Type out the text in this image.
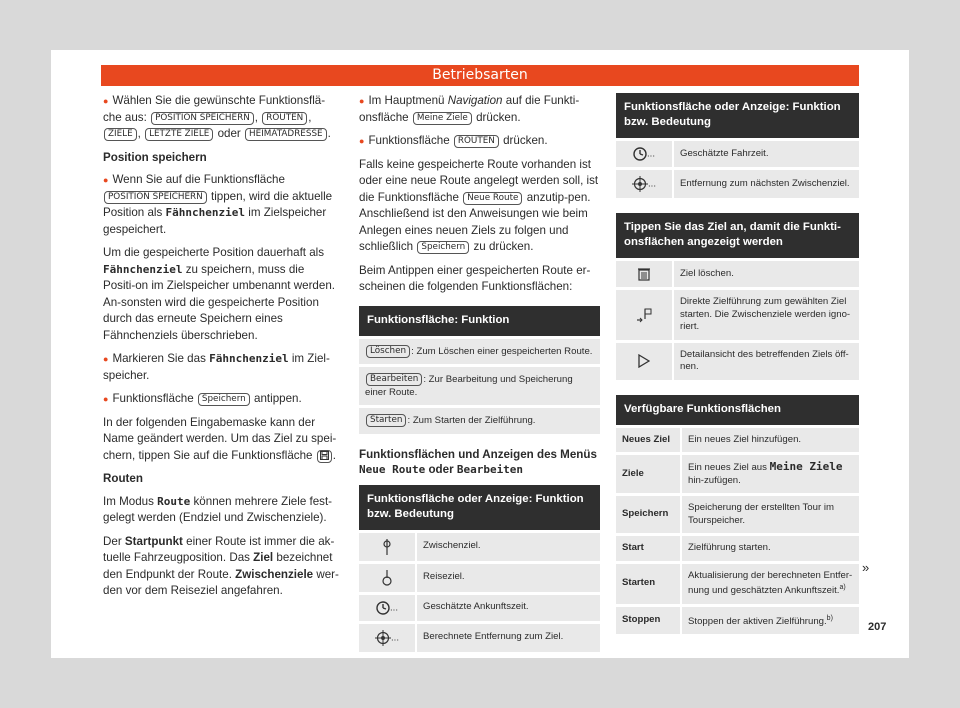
Betriebsarten

● Wählen Sie die gewünschte Funktionsflä-che aus: POSITION SPEICHERN , ROUTEN , ZIELE , LETZTE ZIELE oder HEIMATADRESSE .

Position speichern

● Wenn Sie auf die Funktionsfläche POSITION SPEICHERN tippen, wird die aktuelle Position als Fähnchenziel im Zielspeicher gespeichert.

Um die gespeicherte Position dauerhaft als Fähnchenziel zu speichern, muss die Positi-on im Zielspeicher umbenannt werden. An-sonsten wird die gespeicherte Position durch das erneute Speichern eines Fähnchenziels überschrieben.

● Markieren Sie das Fähnchenziel im Ziel-speicher.

● Funktionsfläche Speichern antippen.

In der folgenden Eingabemaske kann der Name geändert werden. Um das Ziel zu spei-chern, tippen Sie auf die Funktionsfläche .

Routen

Im Modus Route können mehrere Ziele fest-gelegt werden (Endziel und Zwischenziele).

Der Startpunkt einer Route ist immer die ak-tuelle Fahrzeugposition. Das Ziel bezeichnet den Endpunkt der Route. Zwischenziele wer-den vor dem Reiseziel angefahren.

● Im Hauptmenü Navigation auf die Funkti-onsfläche Meine Ziele drücken.

● Funktionsfläche ROUTEN drücken.

Falls keine gespeicherte Route vorhanden ist oder eine neue Route angelegt werden soll, ist die Funktionsfläche Neue Route anzutip-pen. Anschließend ist den Anweisungen wie beim Anlegen eines neuen Ziels zu folgen und schließlich Speichern zu drücken.

Beim Antippen einer gespeicherten Route er-scheinen die folgenden Funktionsflächen:

Funktionsfläche: Funktion
Löschen : Zum Löschen einer gespeicherten Route.
Bearbeiten : Zur Bearbeitung und Speicherung einer Route.
Starten : Zum Starten der Zielführung.
Funktionsflächen und Anzeigen des Menüs Neue Route oder Bearbeiten
Funktionsfläche oder Anzeige: Funktion bzw. Bedeutung	
	Zwischenziel.
	Reiseziel.
...	Geschätzte Ankunftszeit.
...	Berechnete Entfernung zum Ziel.
Funktionsfläche oder Anzeige: Funktion bzw. Bedeutung	
...	Geschätzte Fahrzeit.
...	Entfernung zum nächsten Zwischenziel.
Tippen Sie das Ziel an, damit die Funkti-onsflächen angezeigt werden	
	Ziel löschen.
	Direkte Zielführung zum gewählten Ziel starten. Die Zwischenziele werden igno-riert.
	Detailansicht des betreffenden Ziels öff-nen.
Verfügbare Funktionsflächen	
Neues Ziel	Ein neues Ziel hinzufügen.
Ziele	Ein neues Ziel aus Meine Ziele hin-zufügen.
Speichern	Speicherung der erstellten Tour im Tourspeicher.
Start	Zielführung starten.
Starten	Aktualisierung der berechneten Entfer-nung und geschätzten Ankunftszeit.$^{a)}$
Stoppen	Stoppen der aktiven Zielführung.$^{b)}$
»
207
